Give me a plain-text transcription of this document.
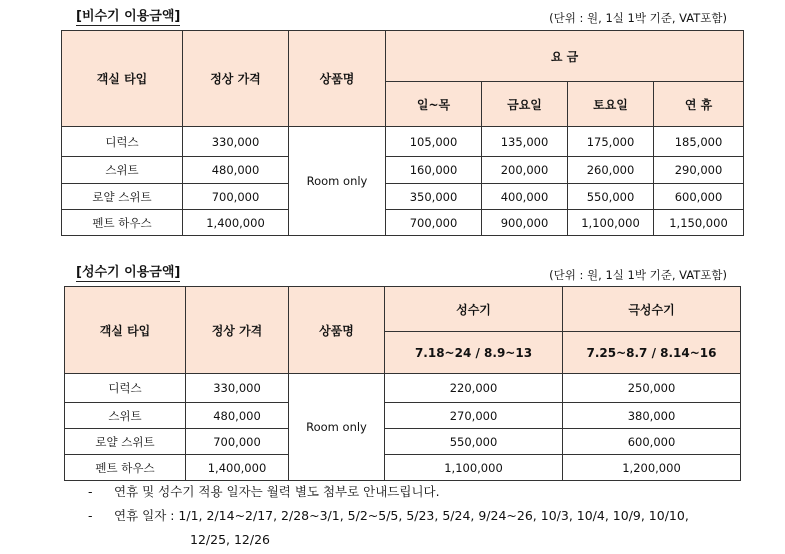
[비수기 이용금액]	(단위 : 원, 1실 1박 기준, VAT포함)
객실 타입	정상 가격	상품명	요 금			
			일~목	금요일	토요일	연 휴
디럭스	330,000	Room only	105,000	135,000	175,000	185,000
스위트	480,000		160,000	200,000	260,000	290,000
로얄 스위트	700,000		350,000	400,000	550,000	600,000
펜트 하우스	1,400,000		700,000	900,000	1,100,000	1,150,000
[성수기 이용금액]	(단위 : 원, 1실 1박 기준, VAT포함)
객실 타입	정상 가격	상품명	성수기	극성수기
			7.18~24 / 8.9~13	7.25~8.7 / 8.14~16
디럭스	330,000	Room only	220,000	250,000
스위트	480,000		270,000	380,000
로얄 스위트	700,000		550,000	600,000
펜트 하우스	1,400,000		1,100,000	1,200,000
- 연휴 및 성수기 적용 일자는 월력 별도 첨부로 안내드립니다.
- 연휴 일자 : 1/1, 2/14~2/17, 2/28~3/1, 5/2~5/5, 5/23, 5/24, 9/24~26, 10/3, 10/4, 10/9, 10/10,
12/25, 12/26
